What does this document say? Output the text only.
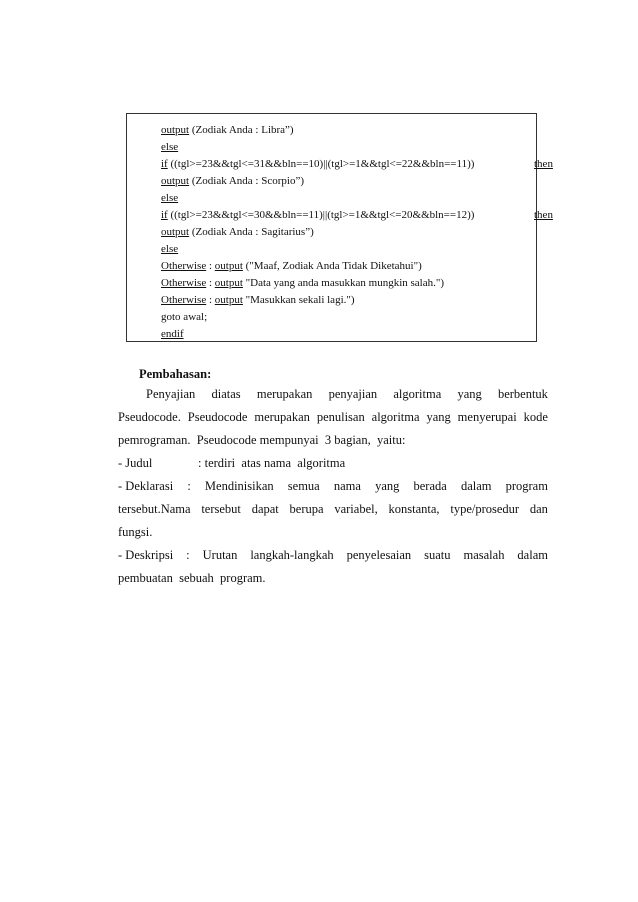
output (Zodiak Anda : Libra”)
else
if ((tgl>=23&&tgl<=31&&bln==10)||(tgl>=1&&tgl<=22&&bln==11))	then
output (Zodiak Anda : Scorpio”)
else
if ((tgl>=23&&tgl<=30&&bln==11)||(tgl>=1&&tgl<=20&&bln==12))	then
output (Zodiak Anda : Sagitarius”)
else
Otherwise : output ("Maaf, Zodiak Anda Tidak Diketahui")
Otherwise : output "Data yang anda masukkan mungkin salah.")
Otherwise : output "Masukkan sekali lagi.")
goto awal;
endif
Pembahasan:
Penyajian diatas merupakan penyajian algoritma yang berbentuk
Pseudocode. Pseudocode merupakan penulisan algoritma yang menyerupai kode
pemrograman.  Pseudocode mempunyai  3 bagian,  yaitu:
- Judul	: terdiri  atas nama  algoritma
- Deklarasi : Mendinisikan semua nama yang berada dalam program
tersebut.Nama tersebut dapat berupa variabel, konstanta, type/prosedur dan
fungsi.
- Deskripsi : Urutan langkah-langkah penyelesaian suatu masalah dalam
pembuatan  sebuah  program.
